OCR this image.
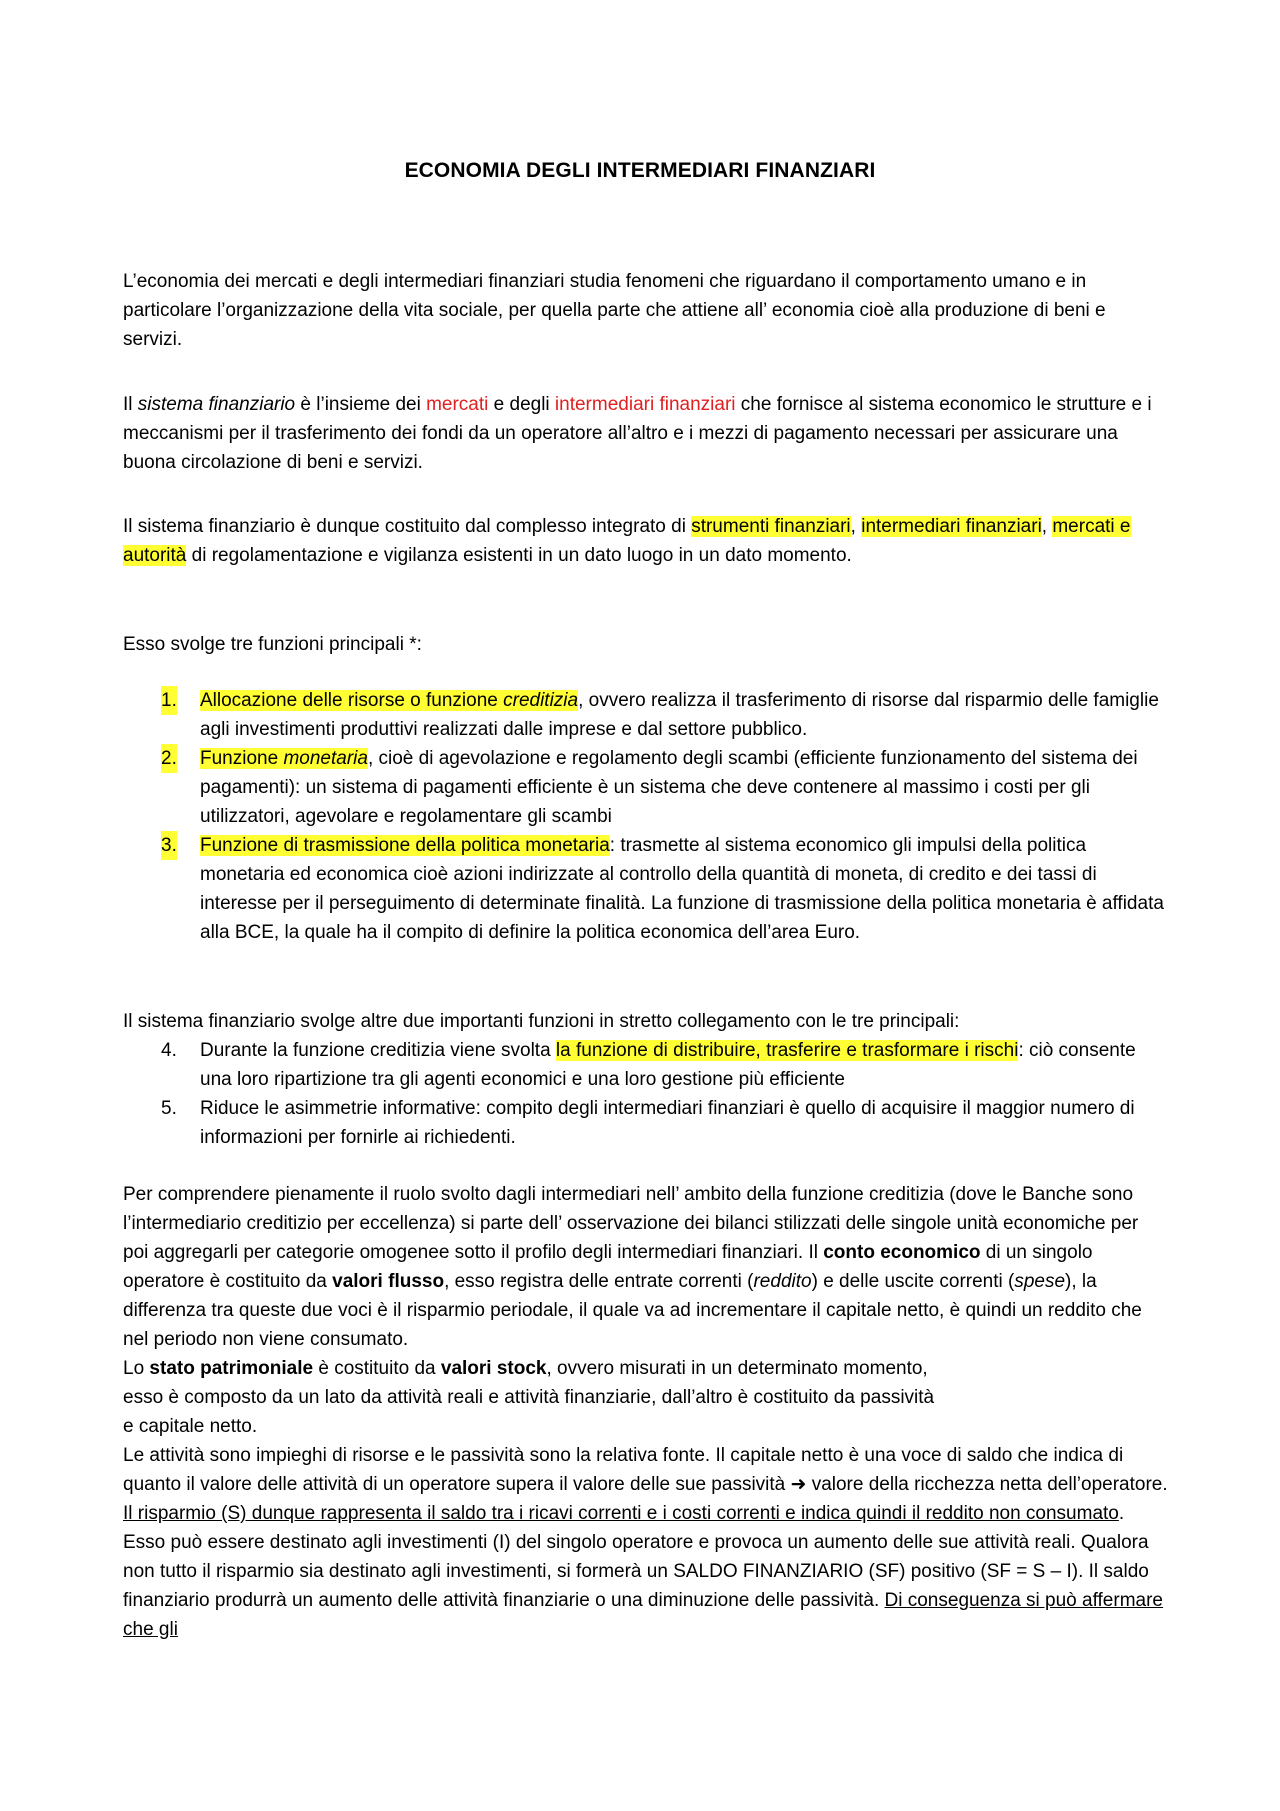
ECONOMIA DEGLI INTERMEDIARI FINANZIARI

L’economia dei mercati e degli intermediari finanziari studia fenomeni che riguardano il comportamento umano e in particolare l’organizzazione della vita sociale, per quella parte che attiene all’ economia cioè alla produzione di beni e servizi.

Il sistema finanziario è l’insieme dei mercati e degli intermediari finanziari che fornisce al sistema economico le strutture e i meccanismi per il trasferimento dei fondi da un operatore all’altro e i mezzi di pagamento necessari per assicurare una buona circolazione di beni e servizi.

Il sistema finanziario è dunque costituito dal complesso integrato di strumenti finanziari, intermediari finanziari, mercati e autorità di regolamentazione e vigilanza esistenti in un dato luogo in un dato momento.

Esso svolge tre funzioni principali *:

1. Allocazione delle risorse o funzione creditizia, ovvero realizza il trasferimento di risorse dal risparmio delle famiglie agli investimenti produttivi realizzati dalle imprese e dal settore pubblico.
2. Funzione monetaria, cioè di agevolazione e regolamento degli scambi (efficiente funzionamento del sistema dei pagamenti): un sistema di pagamenti efficiente è un sistema che deve contenere al massimo i costi per gli utilizzatori, agevolare e regolamentare gli scambi
3. Funzione di trasmissione della politica monetaria: trasmette al sistema economico gli impulsi della politica monetaria ed economica cioè azioni indirizzate al controllo della quantità di moneta, di credito e dei tassi di interesse per il perseguimento di determinate finalità. La funzione di trasmissione della politica monetaria è affidata alla BCE, la quale ha il compito di definire la politica economica dell’area Euro.

Il sistema finanziario svolge altre due importanti funzioni in stretto collegamento con le tre principali:

4. Durante la funzione creditizia viene svolta la funzione di distribuire, trasferire e trasformare i rischi: ciò consente una loro ripartizione tra gli agenti economici e una loro gestione più efficiente
5. Riduce le asimmetrie informative: compito degli intermediari finanziari è quello di acquisire il maggior numero di informazioni per fornirle ai richiedenti.

Per comprendere pienamente il ruolo svolto dagli intermediari nell’ ambito della funzione creditizia (dove le Banche sono l’intermediario creditizio per eccellenza) si parte dell’ osservazione dei bilanci stilizzati delle singole unità economiche per poi aggregarli per categorie omogenee sotto il profilo degli intermediari finanziari. Il conto economico di un singolo operatore è costituito da valori flusso, esso registra delle entrate correnti (reddito) e delle uscite correnti (spese), la differenza tra queste due voci è il risparmio periodale, il quale va ad incrementare il capitale netto, è quindi un reddito che nel periodo non viene consumato.

Lo stato patrimoniale è costituito da valori stock, ovvero misurati in un determinato momento,

esso è composto da un lato da attività reali e attività finanziarie, dall’altro è costituito da passività

e capitale netto.

Le attività sono impieghi di risorse e le passività sono la relativa fonte. Il capitale netto è una voce di saldo che indica di quanto il valore delle attività di un operatore supera il valore delle sue passività ➜ valore della ricchezza netta dell’operatore. Il risparmio (S) dunque rappresenta il saldo tra i ricavi correnti e i costi correnti e indica quindi il reddito non consumato. Esso può essere destinato agli investimenti (I) del singolo operatore e provoca un aumento delle sue attività reali. Qualora non tutto il risparmio sia destinato agli investimenti, si formerà un SALDO FINANZIARIO (SF) positivo (SF = S – I). Il saldo finanziario produrrà un aumento delle attività finanziarie o una diminuzione delle passività. Di conseguenza si può affermare che gli
